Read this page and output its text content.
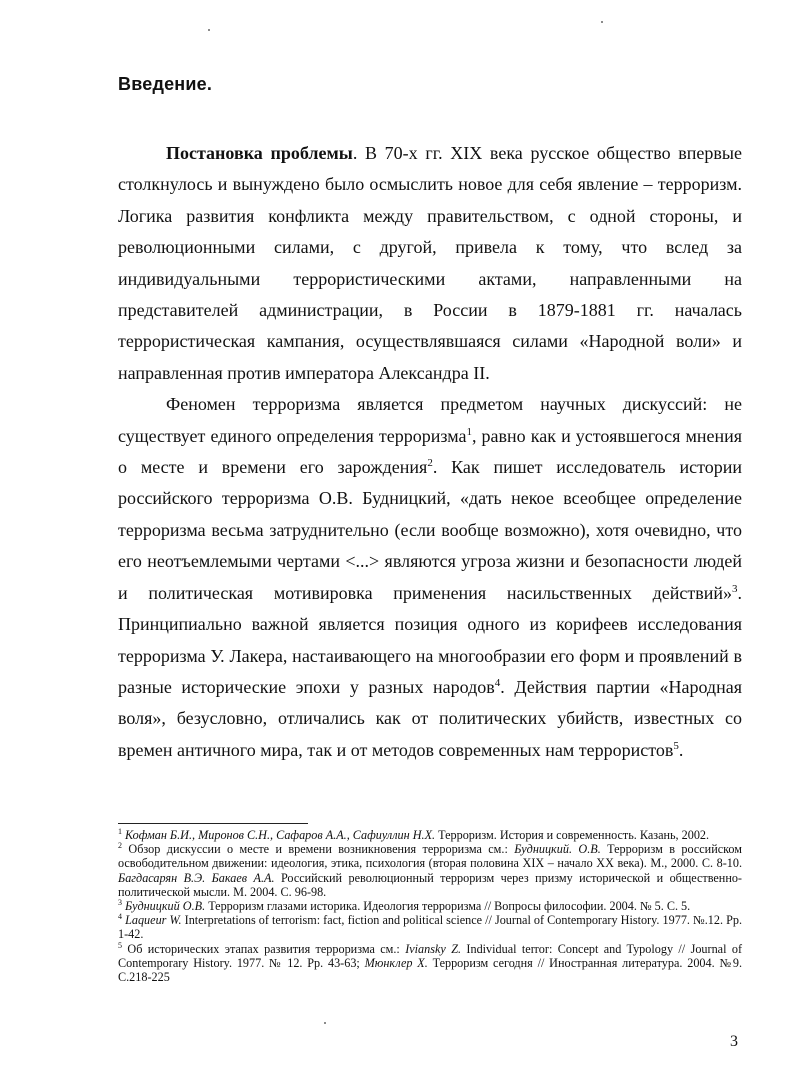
Введение.

Постановка проблемы. В 70-х гг. XIX века русское общество впервые столкнулось и вынуждено было осмыслить новое для себя явление – терроризм. Логика развития конфликта между правительством, с одной стороны, и революционными силами, с другой, привела к тому, что вслед за индивидуальными террористическими актами, направленными на представителей администрации, в России в 1879-1881 гг. началась террористическая кампания, осуществлявшаяся силами «Народной воли» и направленная против императора Александра II.

Феномен терроризма является предметом научных дискуссий: не существует единого определения терроризма$^1$, равно как и устоявшегося мнения о месте и времени его зарождения$^2$. Как пишет исследователь истории российского терроризма О.В. Будницкий, «дать некое всеобщее определение терроризма весьма затруднительно (если вообще возможно), хотя очевидно, что его неотъемлемыми чертами <...> являются угроза жизни и безопасности людей и политическая мотивировка применения насильственных действий»$^3$. Принципиально важной является позиция одного из корифеев исследования терроризма У. Лакера, настаивающего на многообразии его форм и проявлений в разные исторические эпохи у разных народов$^4$. Действия партии «Народная воля», безусловно, отличались как от политических убийств, известных со времен античного мира, так и от методов современных нам террористов$^5$.

$^1$ Кофман Б.И., Миронов С.Н., Сафаров А.А., Сафиуллин Н.Х. Терроризм. История и современность. Казань, 2002.

$^2$ Обзор дискуссии о месте и времени возникновения терроризма см.: Будницкий. О.В. Терроризм в российском освободительном движении: идеология, этика, психология (вторая половина XIX – начало XX века). М., 2000. С. 8-10. Багдасарян В.Э. Бакаев А.А. Российский революционный терроризм через призму исторической и общественно-политической мысли. М. 2004. С. 96-98.

$^3$ Будницкий О.В. Терроризм глазами историка. Идеология терроризма // Вопросы философии. 2004. № 5. С. 5.

$^4$ Laqueur W. Interpretations of terrorism: fact, fiction and political science // Journal of Contemporary History. 1977. №.12. Pp. 1-42.

$^5$ Об исторических этапах развития терроризма см.: Iviansky Z. Individual terror: Concept and Typology // Journal of Contemporary History. 1977. № 12. Pp. 43-63; Мюнклер Х. Терроризм сегодня // Иностранная литература. 2004. №9. С.218-225

3
